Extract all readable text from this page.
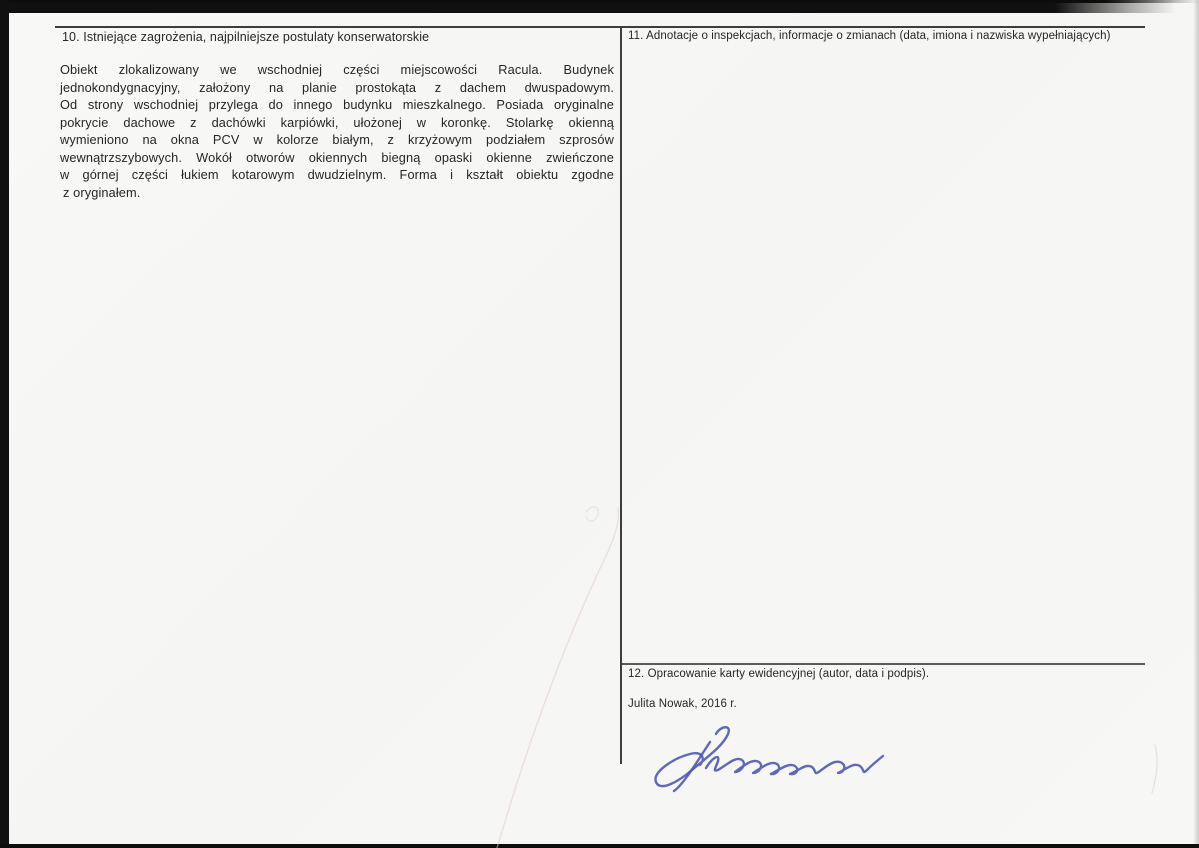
10. Istniejące zagrożenia, najpilniejsze postulaty konserwatorskie
Obiekt zlokalizowany we wschodniej części miejscowości Racula. Budynek
jednokondygnacyjny, założony na planie prostokąta z dachem dwuspadowym.
Od strony wschodniej przylega do innego budynku mieszkalnego. Posiada oryginalne
pokrycie dachowe z dachówki karpiówki, ułożonej w koronkę. Stolarkę okienną
wymieniono na okna PCV w kolorze białym, z krzyżowym podziałem szprosów
wewnątrzszybowych. Wokół otworów okiennych biegną opaski okienne zwieńczone
w górnej części łukiem kotarowym dwudzielnym. Forma i kształt obiektu zgodne
z oryginałem.
11. Adnotacje o inspekcjach, informacje o zmianach (data, imiona i nazwiska wypełniających)
12. Opracowanie karty ewidencyjnej (autor, data i podpis).
Julita Nowak, 2016 r.
